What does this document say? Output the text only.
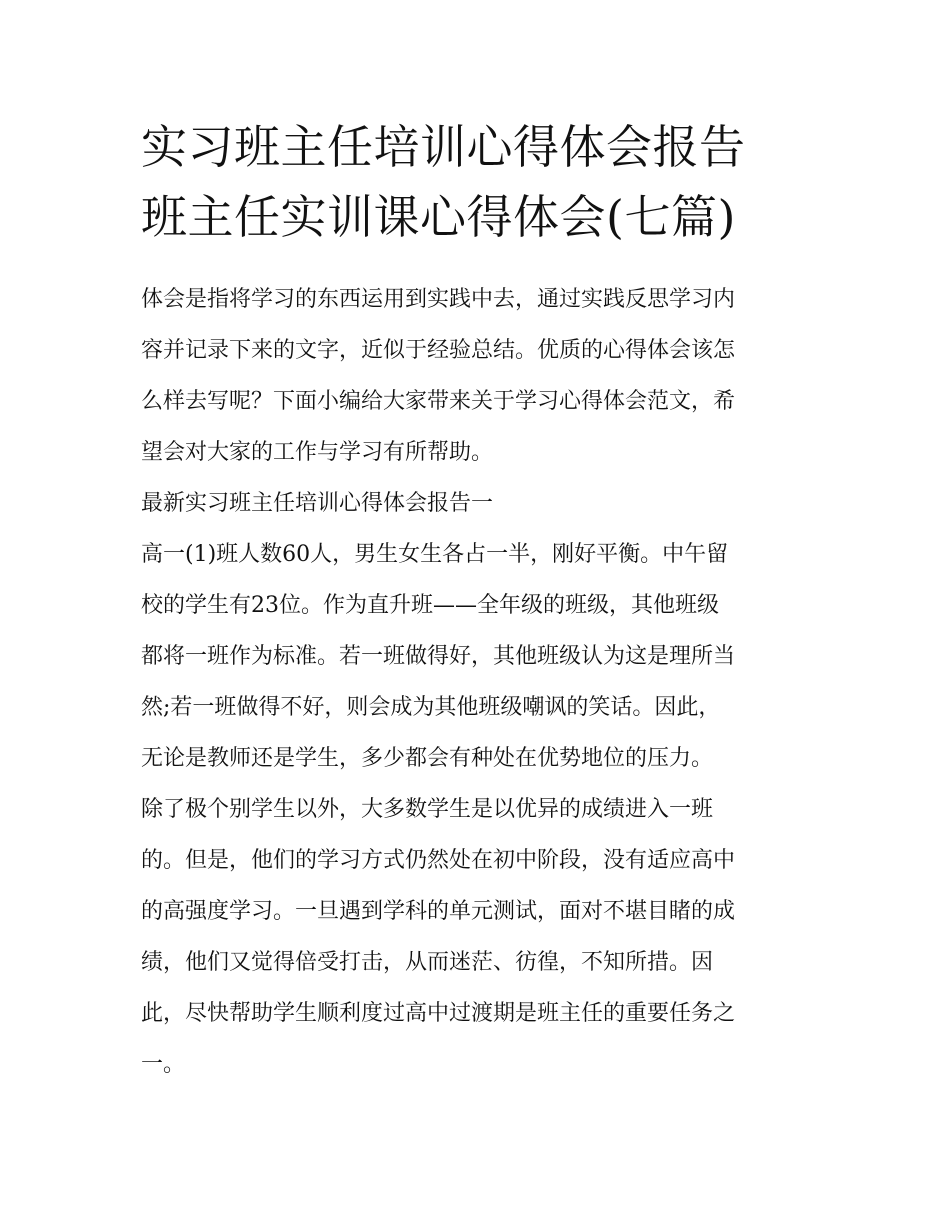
实习班主任培训心得体会报告
班主任实训课心得体会(七篇)
体会是指将学习的东西运用到实践中去，通过实践反思学习内
容并记录下来的文字，近似于经验总结。优质的心得体会该怎
么样去写呢？下面小编给大家带来关于学习心得体会范文，希
望会对大家的工作与学习有所帮助。
最新实习班主任培训心得体会报告一
高一(1)班人数60人，男生女生各占一半，刚好平衡。中午留
校的学生有23位。作为直升班——全年级的班级，其他班级
都将一班作为标准。若一班做得好，其他班级认为这是理所当
然;若一班做得不好，则会成为其他班级嘲讽的笑话。因此，
无论是教师还是学生，多少都会有种处在优势地位的压力。
除了极个别学生以外，大多数学生是以优异的成绩进入一班
的。但是，他们的学习方式仍然处在初中阶段，没有适应高中
的高强度学习。一旦遇到学科的单元测试，面对不堪目睹的成
绩，他们又觉得倍受打击，从而迷茫、彷徨，不知所措。因
此，尽快帮助学生顺利度过高中过渡期是班主任的重要任务之
一。
